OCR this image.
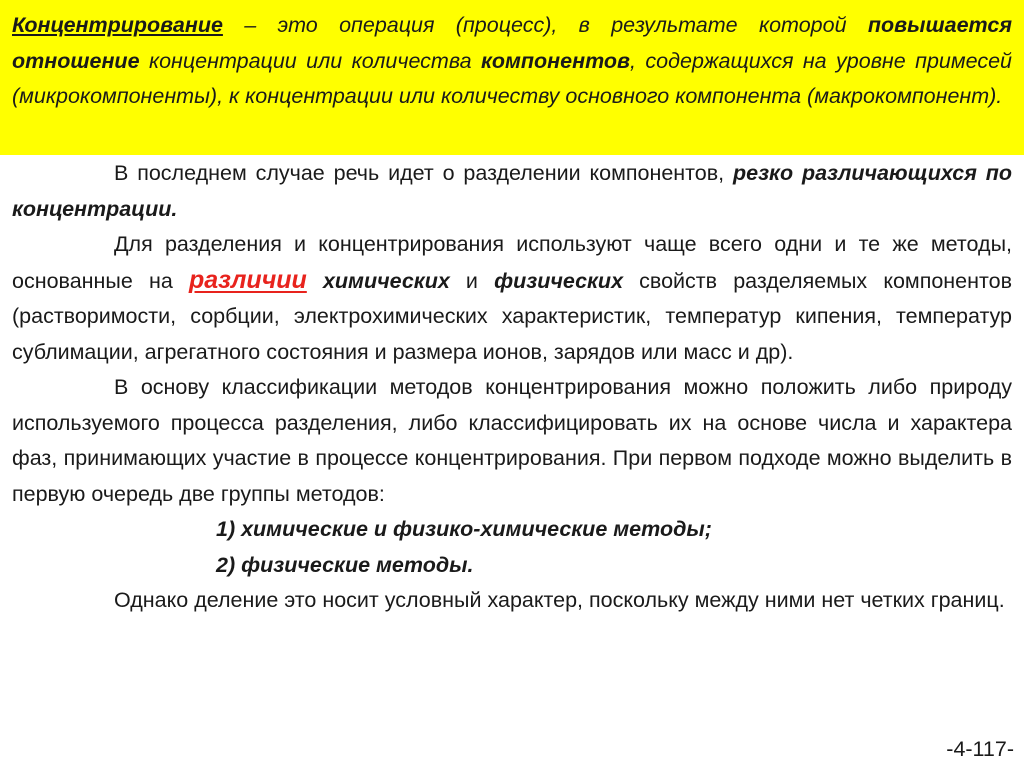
Концентрирование – это операция (процесс), в результате которой повышается отношение концентрации или количества компонентов, содержащихся на уровне примесей (микрокомпоненты), к концентрации или количеству основного компонента (макрокомпонент).

В последнем случае речь идет о разделении компонентов, резко различающихся по концентрации.

Для разделения и концентрирования используют чаще всего одни и те же методы, основанные на различии химических и физических свойств разделяемых компонентов (растворимости, сорбции, электрохимических характеристик, температур кипения, температур сублимации, агрегатного состояния и размера ионов, зарядов или масс и др).

В основу классификации методов концентрирования можно положить либо природу используемого процесса разделения, либо классифицировать их на основе числа и характера фаз, принимающих участие в процессе концентрирования. При первом подходе можно выделить в первую очередь две группы методов:

1) химические и физико-химические методы;

2) физические методы.

Однако деление это носит условный характер, поскольку между ними нет четких границ.

-4-117-
